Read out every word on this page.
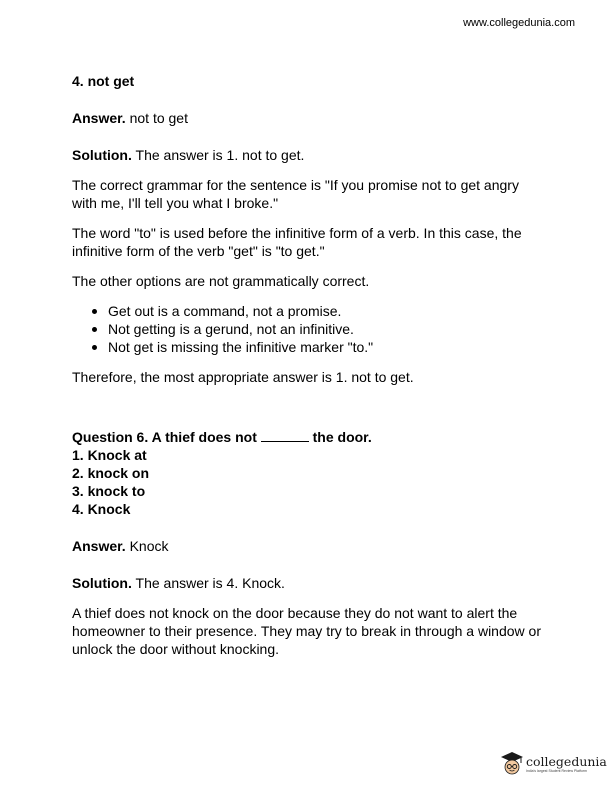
www.collegedunia.com

4. not get

Answer. not to get

Solution. The answer is 1. not to get.

The correct grammar for the sentence is "If you promise not to get angry with me, I'll tell you what I broke."

The word "to" is used before the infinitive form of a verb. In this case, the infinitive form of the verb "get" is "to get."

The other options are not grammatically correct.

Get out is a command, not a promise.
Not getting is a gerund, not an infinitive.
Not get is missing the infinitive marker "to."

Therefore, the most appropriate answer is 1. not to get.

Question 6. A thief does not	the door.

1. Knock at

2. knock on

3. knock to

4. Knock

Answer. Knock

Solution. The answer is 4. Knock.

A thief does not knock on the door because they do not want to alert the homeowner to their presence. They may try to break in through a window or unlock the door without knocking.

collegedunia
India's largest Student Review Platform
